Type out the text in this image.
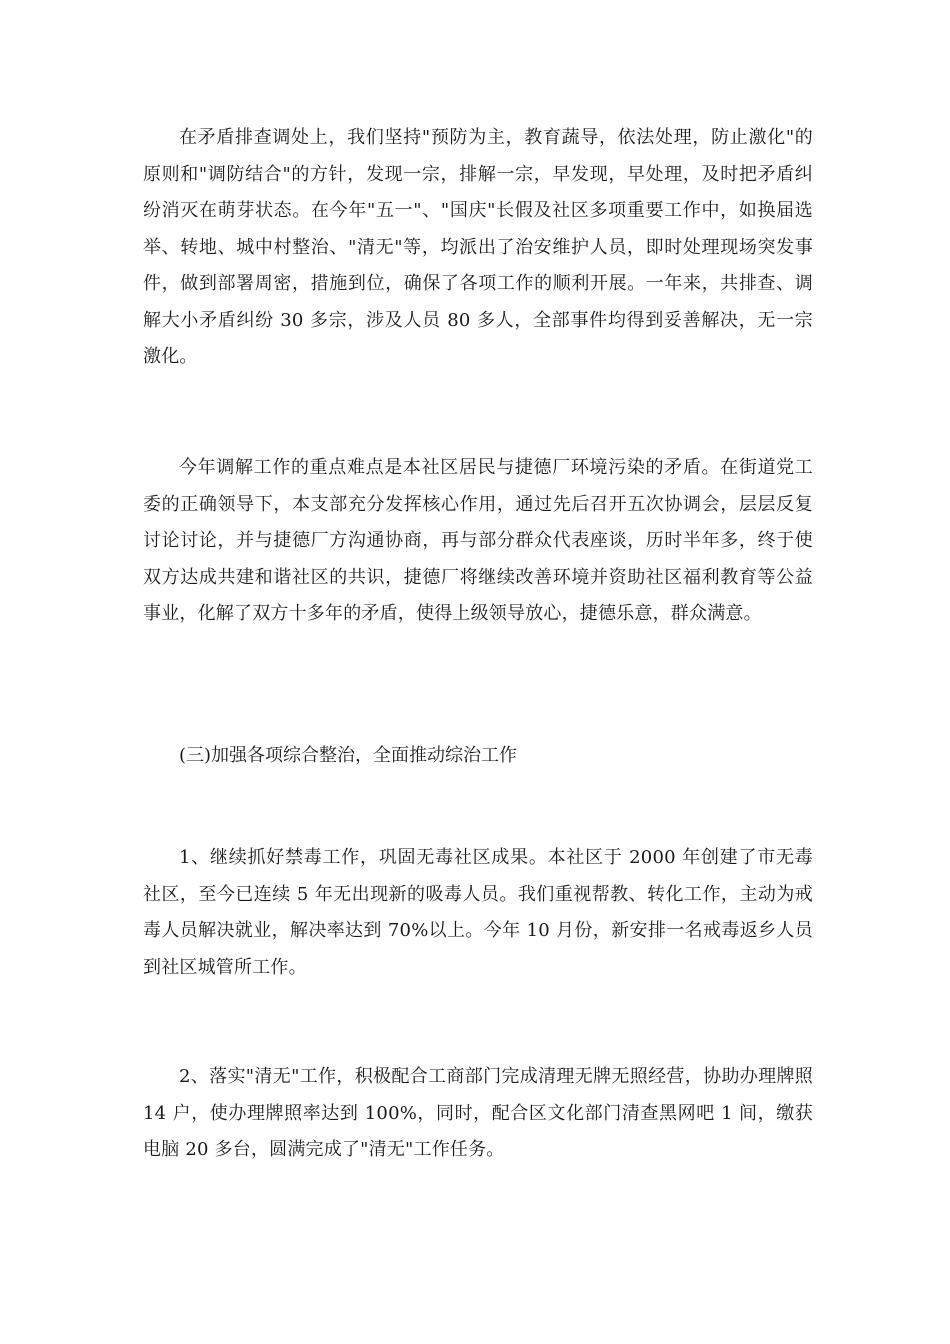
在矛盾排查调处上，我们坚持"预防为主，教育蔬导，依法处理，防止激化"的原则和"调防结合"的方针，发现一宗，排解一宗，早发现，早处理，及时把矛盾纠纷消灭在萌芽状态。在今年"五一"、"国庆"长假及社区多项重要工作中，如换届选举、转地、城中村整治、"清无"等，均派出了治安维护人员，即时处理现场突发事件，做到部署周密，措施到位，确保了各项工作的顺利开展。一年来，共排查、调解大小矛盾纠纷 30 多宗，涉及人员 80 多人，全部事件均得到妥善解决，无一宗激化。

今年调解工作的重点难点是本社区居民与捷德厂环境污染的矛盾。在街道党工委的正确领导下，本支部充分发挥核心作用，通过先后召开五次协调会，层层反复讨论讨论，并与捷德厂方沟通协商，再与部分群众代表座谈，历时半年多，终于使双方达成共建和谐社区的共识，捷德厂将继续改善环境并资助社区福利教育等公益事业，化解了双方十多年的矛盾，使得上级领导放心，捷德乐意，群众满意。

(三)加强各项综合整治，全面推动综治工作

1、继续抓好禁毒工作，巩固无毒社区成果。本社区于 2000 年创建了市无毒社区，至今已连续 5 年无出现新的吸毒人员。我们重视帮教、转化工作，主动为戒毒人员解决就业，解决率达到 70%以上。今年 10 月份，新安排一名戒毒返乡人员到社区城管所工作。

2、落实"清无"工作，积极配合工商部门完成清理无牌无照经营，协助办理牌照 14 户，使办理牌照率达到 100%，同时，配合区文化部门清查黑网吧 1 间，缴获电脑 20 多台，圆满完成了"清无"工作任务。
